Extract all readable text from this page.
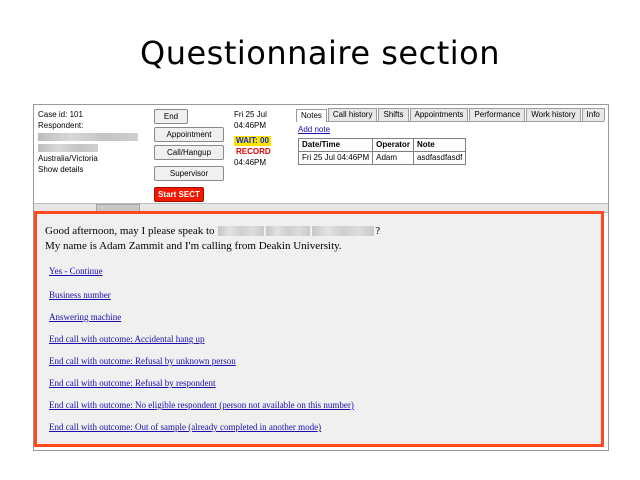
Questionnaire section
Case id: 101
Respondent:
Australia/Victoria
Show details
End
Appointment
Call/Hangup
Supervisor
Start SECT
Fri 25 Jul
04:46PM
WAIT: 00
RECORD
04:46PM
Notes	Call history	Shifts	Appointments	Performance	Work history	Info
Add note
Date/Time	Operator	Note
Fri 25 Jul 04:46PM	Adam	asdfasdfasdf
Good afternoon, may I please speak to	?
My name is Adam Zammit and I'm calling from Deakin University.
Yes - Continue
Business number
Answering machine
End call with outcome: Accidental hang up
End call with outcome: Refusal by unknown person
End call with outcome: Refusal by respondent
End call with outcome: No eligible respondent (person not available on this number)
End call with outcome: Out of sample (already completed in another mode)
